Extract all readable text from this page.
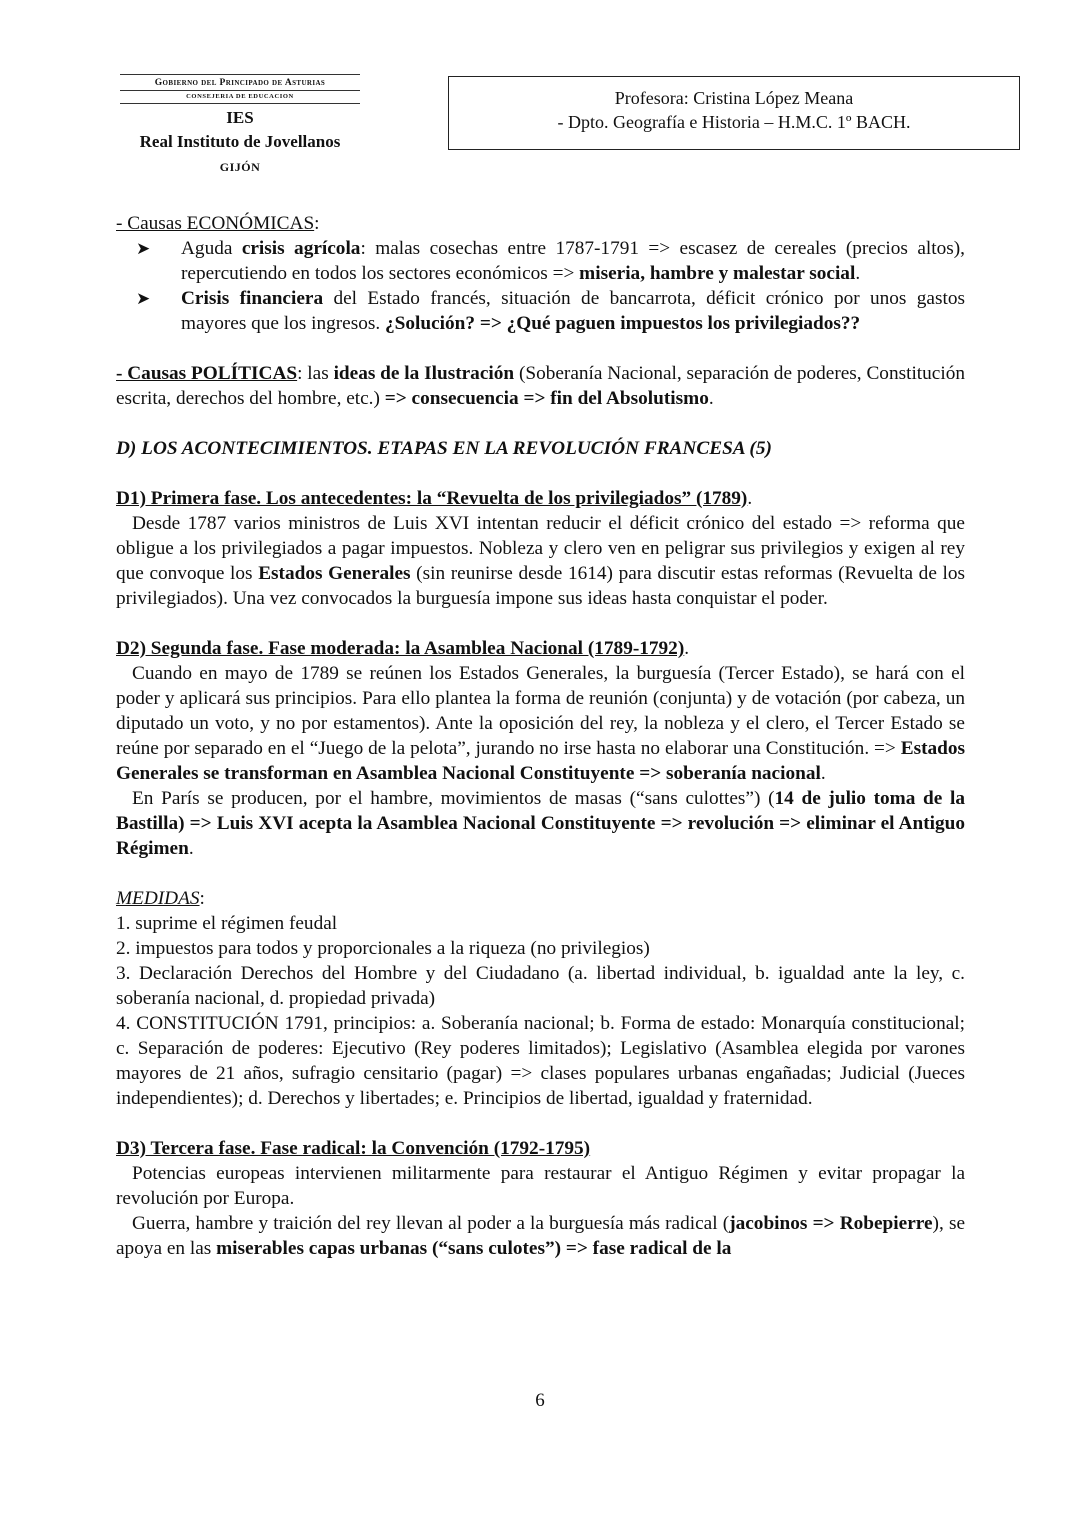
Gobierno del Principado de Asturias
CONSEJERIA DE EDUCACION
IES
Real Instituto de Jovellanos
GIJÓN
Profesora: Cristina López Meana
- Dpto. Geografía e Historia – H.M.C. 1º BACH.

- Causas ECONÓMICAS:

➤ Aguda crisis agrícola: malas cosechas entre 1787-1791 => escasez de cereales (precios altos), repercutiendo en todos los sectores económicos => miseria, hambre y malestar social.

➤ Crisis financiera del Estado francés, situación de bancarrota, déficit crónico por unos gastos mayores que los ingresos. ¿Solución? => ¿Qué paguen impuestos los privilegiados??

- Causas POLÍTICAS: las ideas de la Ilustración (Soberanía Nacional, separación de poderes, Constitución escrita, derechos del hombre, etc.) => consecuencia => fin del Absolutismo.

D) LOS ACONTECIMIENTOS. ETAPAS EN LA REVOLUCIÓN FRANCESA (5)

D1) Primera fase. Los antecedentes: la “Revuelta de los privilegiados” (1789).

Desde 1787 varios ministros de Luis XVI intentan reducir el déficit crónico del estado => reforma que obligue a los privilegiados a pagar impuestos. Nobleza y clero ven en peligrar sus privilegios y exigen al rey que convoque los Estados Generales (sin reunirse desde 1614) para discutir estas reformas (Revuelta de los privilegiados). Una vez convocados la burguesía impone sus ideas hasta conquistar el poder.

D2) Segunda fase. Fase moderada: la Asamblea Nacional (1789-1792).

Cuando en mayo de 1789 se reúnen los Estados Generales, la burguesía (Tercer Estado), se hará con el poder y aplicará sus principios. Para ello plantea la forma de reunión (conjunta) y de votación (por cabeza, un diputado un voto, y no por estamentos). Ante la oposición del rey, la nobleza y el clero, el Tercer Estado se reúne por separado en el “Juego de la pelota”, jurando no irse hasta no elaborar una Constitución. => Estados Generales se transforman en Asamblea Nacional Constituyente => soberanía nacional.

En París se producen, por el hambre, movimientos de masas (“sans culottes”) (14 de julio toma de la Bastilla) => Luis XVI acepta la Asamblea Nacional Constituyente => revolución => eliminar el Antiguo Régimen.

MEDIDAS:

1. suprime el régimen feudal

2. impuestos para todos y proporcionales a la riqueza (no privilegios)

3. Declaración Derechos del Hombre y del Ciudadano (a. libertad individual, b. igualdad ante la ley, c. soberanía nacional, d. propiedad privada)

4. CONSTITUCIÓN 1791, principios: a. Soberanía nacional; b. Forma de estado: Monarquía constitucional; c. Separación de poderes: Ejecutivo (Rey poderes limitados); Legislativo (Asamblea elegida por varones mayores de 21 años, sufragio censitario (pagar) => clases populares urbanas engañadas; Judicial (Jueces independientes); d. Derechos y libertades; e. Principios de libertad, igualdad y fraternidad.

D3) Tercera fase. Fase radical: la Convención (1792-1795)

Potencias europeas intervienen militarmente para restaurar el Antiguo Régimen y evitar propagar la revolución por Europa.

Guerra, hambre y traición del rey llevan al poder a la burguesía más radical (jacobinos => Robepierre), se apoya en las miserables capas urbanas (“sans culotes”) => fase radical de la

6
